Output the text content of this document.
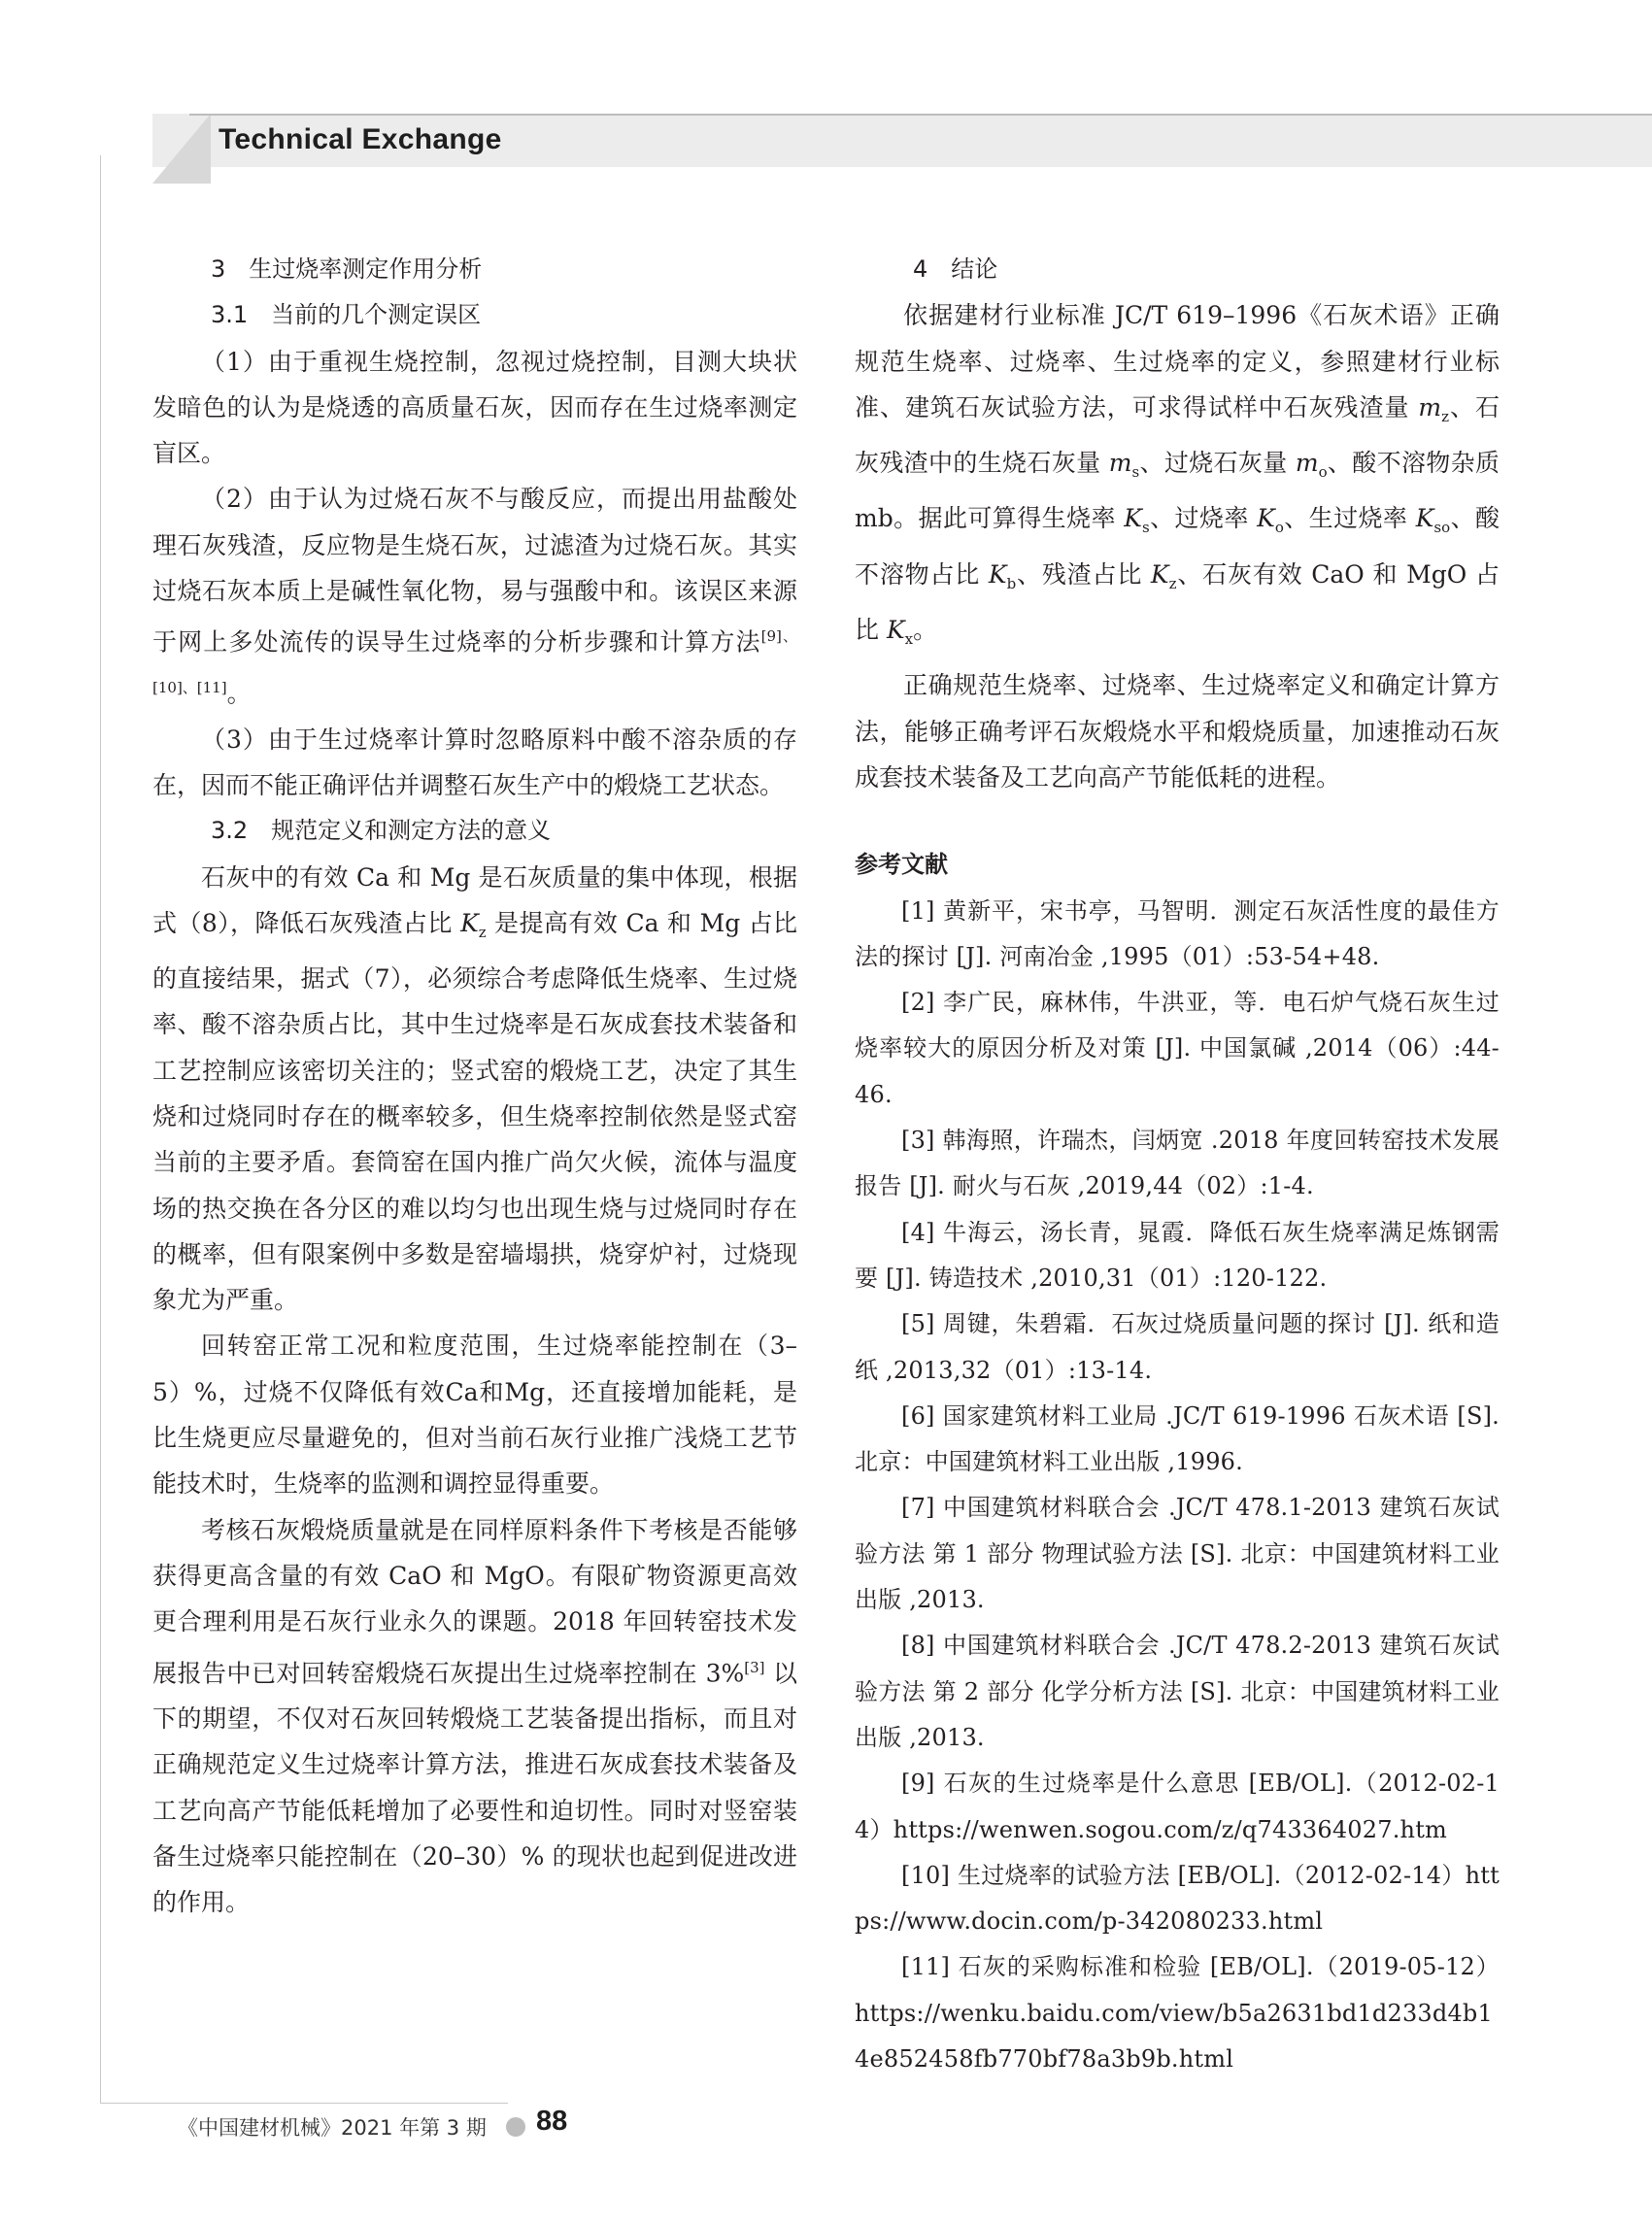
Technical Exchange

3　生过烧率测定作用分析

3.1　当前的几个测定误区

（1）由于重视生烧控制，忽视过烧控制，目测大块状发暗色的认为是烧透的高质量石灰，因而存在生过烧率测定盲区。

（2）由于认为过烧石灰不与酸反应，而提出用盐酸处理石灰残渣，反应物是生烧石灰，过滤渣为过烧石灰。其实过烧石灰本质上是碱性氧化物，易与强酸中和。该误区来源于网上多处流传的误导生过烧率的分析步骤和计算方法[9]、[10]、[11]。

（3）由于生过烧率计算时忽略原料中酸不溶杂质的存在，因而不能正确评估并调整石灰生产中的煅烧工艺状态。

3.2　规范定义和测定方法的意义

石灰中的有效 Ca 和 Mg 是石灰质量的集中体现，根据式（8），降低石灰残渣占比 $K_z$ 是提高有效 Ca 和 Mg 占比的直接结果，据式（7），必须综合考虑降低生烧率、生过烧率、酸不溶杂质占比，其中生过烧率是石灰成套技术装备和工艺控制应该密切关注的；竖式窑的煅烧工艺，决定了其生烧和过烧同时存在的概率较多，但生烧率控制依然是竖式窑当前的主要矛盾。套筒窑在国内推广尚欠火候，流体与温度场的热交换在各分区的难以均匀也出现生烧与过烧同时存在的概率，但有限案例中多数是窑墙塌拱，烧穿炉衬，过烧现象尤为严重。

回转窑正常工况和粒度范围，生过烧率能控制在（3–5）%，过烧不仅降低有效Ca和Mg，还直接增加能耗，是比生烧更应尽量避免的，但对当前石灰行业推广浅烧工艺节能技术时，生烧率的监测和调控显得重要。

考核石灰煅烧质量就是在同样原料条件下考核是否能够获得更高含量的有效 CaO 和 MgO。有限矿物资源更高效更合理利用是石灰行业永久的课题。2018 年回转窑技术发展报告中已对回转窑煅烧石灰提出生过烧率控制在 3%[3] 以下的期望，不仅对石灰回转煅烧工艺装备提出指标，而且对正确规范定义生过烧率计算方法，推进石灰成套技术装备及工艺向高产节能低耗增加了必要性和迫切性。同时对竖窑装备生过烧率只能控制在（20–30）% 的现状也起到促进改进的作用。

4　结论

依据建材行业标准 JC/T 619–1996《石灰术语》正确规范生烧率、过烧率、生过烧率的定义，参照建材行业标准、建筑石灰试验方法，可求得试样中石灰残渣量 $m_z$、石灰残渣中的生烧石灰量 $m_s$、过烧石灰量 $m_o$、酸不溶物杂质 mb。据此可算得生烧率 $K_s$、过烧率 $K_o$、生过烧率 $K_{so}$、酸不溶物占比 $K_b$、残渣占比 $K_z$、石灰有效 CaO 和 MgO 占比 $K_x$。

正确规范生烧率、过烧率、生过烧率定义和确定计算方法，能够正确考评石灰煅烧水平和煅烧质量，加速推动石灰成套技术装备及工艺向高产节能低耗的进程。

参考文献

[1] 黄新平，宋书亭，马智明．测定石灰活性度的最佳方法的探讨 [J]. 河南冶金 ,1995（01）:53-54+48.

[2] 李广民，麻林伟，牛洪亚，等．电石炉气烧石灰生过烧率较大的原因分析及对策 [J]. 中国氯碱 ,2014（06）:44-46.

[3] 韩海照，许瑞杰，闫炳宽 .2018 年度回转窑技术发展报告 [J]. 耐火与石灰 ,2019,44（02）:1-4.

[4] 牛海云，汤长青，晁霞．降低石灰生烧率满足炼钢需要 [J]. 铸造技术 ,2010,31（01）:120-122.

[5] 周键，朱碧霜．石灰过烧质量问题的探讨 [J]. 纸和造纸 ,2013,32（01）:13-14.

[6] 国家建筑材料工业局 .JC/T 619-1996 石灰术语 [S]. 北京：中国建筑材料工业出版 ,1996.

[7] 中国建筑材料联合会 .JC/T 478.1-2013 建筑石灰试验方法 第 1 部分 物理试验方法 [S]. 北京：中国建筑材料工业出版 ,2013.

[8] 中国建筑材料联合会 .JC/T 478.2-2013 建筑石灰试验方法 第 2 部分 化学分析方法 [S]. 北京：中国建筑材料工业出版 ,2013.

[9] 石灰的生过烧率是什么意思 [EB/OL].（2012-02-14）https://wenwen.sogou.com/z/q743364027.htm

[10] 生过烧率的试验方法 [EB/OL].（2012-02-14）https://www.docin.com/p-342080233.html

[11] 石灰的采购标准和检验 [EB/OL].（2019-05-12）https://wenku.baidu.com/view/b5a2631bd1d233d4b14e852458fb770bf78a3b9b.html

《中国建材机械》2021 年第 3 期 88
